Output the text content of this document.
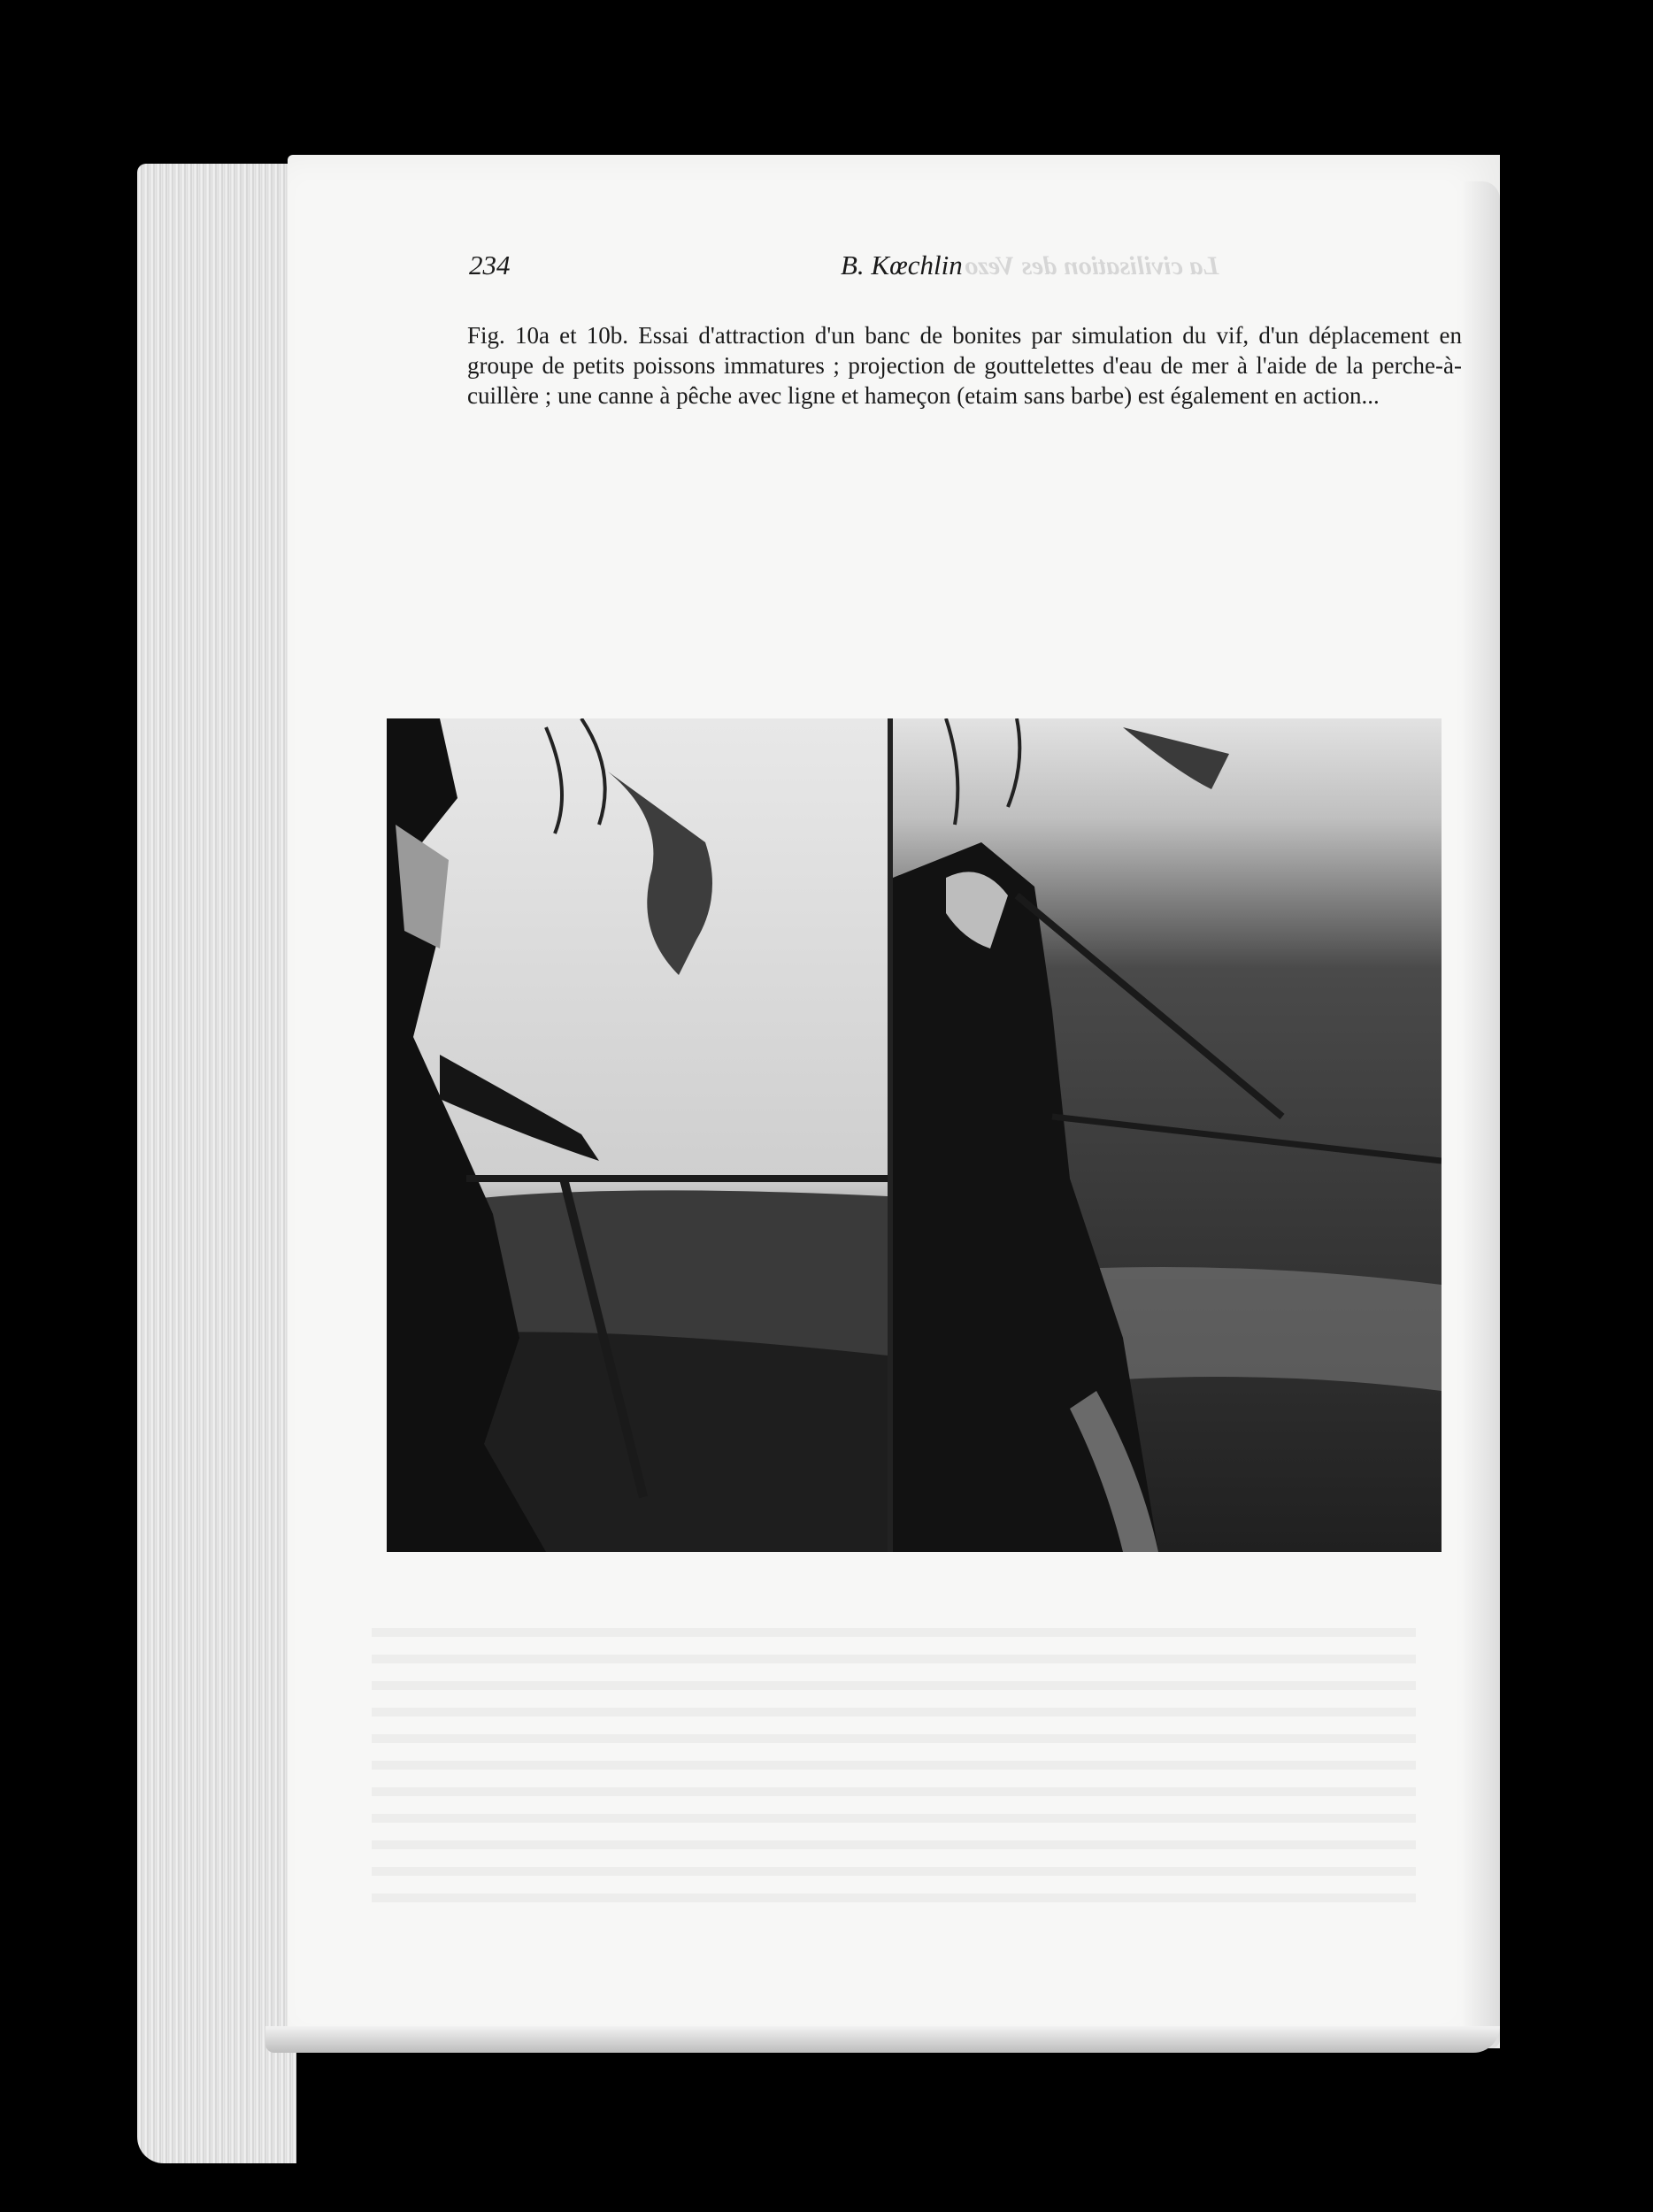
La civilisation des Vezo
234	B. Kœchlin
Fig. 10a et 10b. Essai d'attraction d'un banc de bonites par simulation du vif, d'un déplacement en groupe de petits poissons immatures ; projection de gouttelettes d'eau de mer à l'aide de la perche-à-cuillère ; une canne à pêche avec ligne et hameçon (etaim sans barbe) est également en action...
